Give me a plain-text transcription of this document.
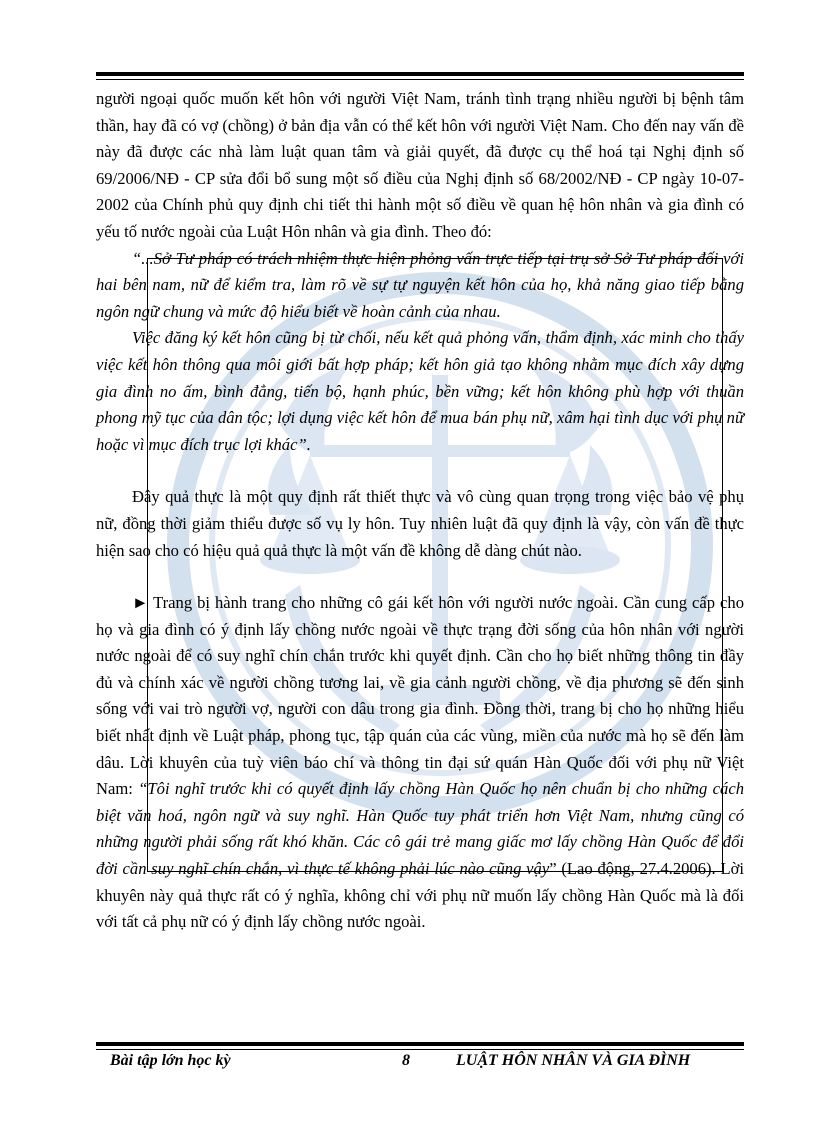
người ngoại quốc muốn kết hôn với người Việt Nam, tránh tình trạng nhiều người bị bệnh tâm thần, hay đã có vợ (chồng) ở bản địa vẫn có thể kết hôn với người Việt Nam. Cho đến nay vấn đề này đã được các nhà làm luật quan tâm và giải quyết, đã được cụ thể hoá tại Nghị định số 69/2006/NĐ - CP sửa đổi bổ sung một số điều của Nghị định số 68/2002/NĐ - CP ngày 10-07-2002 của Chính phủ quy định chi tiết thi hành một số điều về quan hệ hôn nhân và gia đình có yếu tố nước ngoài của Luật Hôn nhân và gia đình. Theo đó:

“...Sở Tư pháp có trách nhiệm thực hiện phỏng vấn trực tiếp tại trụ sở Sở Tư pháp đối với hai bên nam, nữ để kiểm tra, làm rõ về sự tự nguyện kết hôn của họ, khả năng giao tiếp bằng ngôn ngữ chung và mức độ hiểu biết về hoàn cảnh của nhau.

Việc đăng ký kết hôn cũng bị từ chối, nếu kết quả phỏng vấn, thẩm định, xác minh cho thấy việc kết hôn thông qua môi giới bất hợp pháp; kết hôn giả tạo không nhằm mục đích xây dựng gia đình no ấm, bình đẳng, tiến bộ, hạnh phúc, bền vững; kết hôn không phù hợp với thuần phong mỹ tục của dân tộc; lợi dụng việc kết hôn để mua bán phụ nữ, xâm hại tình dục với phụ nữ hoặc vì mục đích trục lợi khác”.

Đây quả thực là một quy định rất thiết thực và vô cùng quan trọng trong việc bảo vệ phụ nữ, đồng thời giảm thiểu được số vụ ly hôn. Tuy nhiên luật đã quy định là vậy, còn vấn đề thực hiện sao cho có hiệu quả quả thực là một vấn đề không dễ dàng chút nào.

► Trang bị hành trang cho những cô gái kết hôn với người nước ngoài. Cần cung cấp cho họ và gia đình có ý định lấy chồng nước ngoài về thực trạng đời sống của hôn nhân với người nước ngoài để có suy nghĩ chín chắn trước khi quyết định. Cần cho họ biết những thông tin đầy đủ và chính xác về người chồng tương lai, về gia cảnh người chồng, về địa phương sẽ đến sinh sống với vai trò người vợ, người con dâu trong gia đình. Đồng thời, trang bị cho họ những hiểu biết nhất định về Luật pháp, phong tục, tập quán của các vùng, miền của nước mà họ sẽ đến làm dâu. Lời khuyên của tuỳ viên báo chí và thông tin đại sứ quán Hàn Quốc đối với phụ nữ Việt Nam: “Tôi nghĩ trước khi có quyết định lấy chồng Hàn Quốc họ nên chuẩn bị cho những cách biệt văn hoá, ngôn ngữ và suy nghĩ. Hàn Quốc tuy phát triển hơn Việt Nam, nhưng cũng có những người phải sống rất khó khăn. Các cô gái trẻ mang giấc mơ lấy chồng Hàn Quốc để đổi đời cần suy nghĩ chín chắn, vì thực tế không phải lúc nào cũng vậy” (Lao động, 27.4.2006). Lời khuyên này quả thực rất có ý nghĩa, không chỉ với phụ nữ muốn lấy chồng Hàn Quốc mà là đối với tất cả phụ nữ có ý định lấy chồng nước ngoài.

Bài tập lớn học kỳ	8	LUẬT HÔN NHÂN VÀ GIA ĐÌNH
